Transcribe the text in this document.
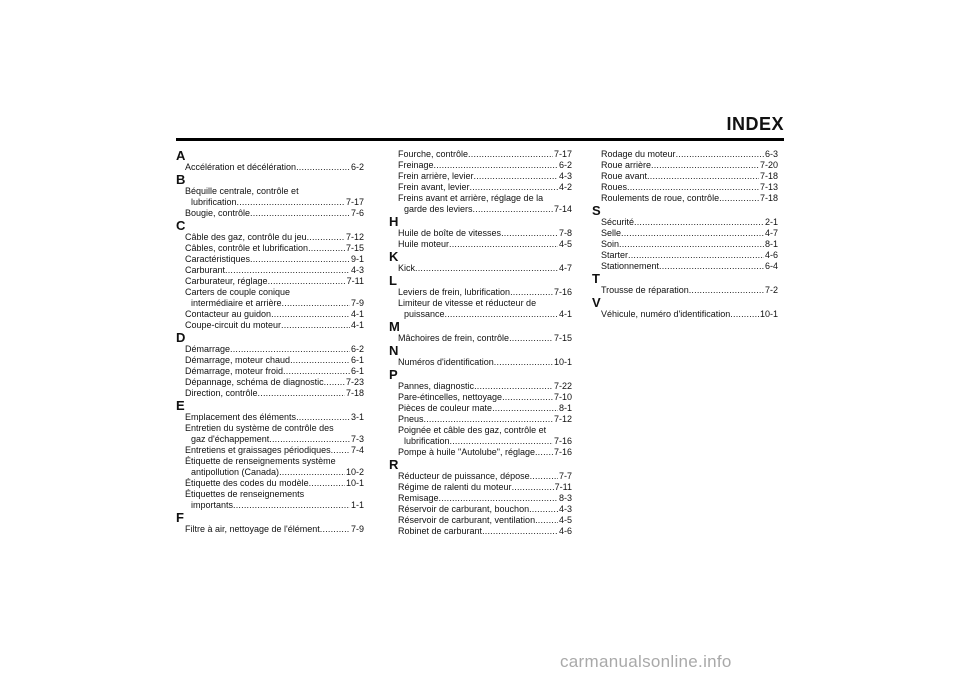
INDEX
A
Accélération et décélération .....	6-2
B
Béquille centrale, contrôle et
lubrification .....	7-17
Bougie, contrôle .....	7-6
C
Câble des gaz, contrôle du jeu .....	7-12
Câbles, contrôle et lubrification .....	7-15
Caractéristiques .....	9-1
Carburant .....	4-3
Carburateur, réglage .....	7-11
Carters de couple conique
intermédiaire et arrière .....	7-9
Contacteur au guidon .....	4-1
Coupe-circuit du moteur .....	4-1
D
Démarrage .....	6-2
Démarrage, moteur chaud .....	6-1
Démarrage, moteur froid .....	6-1
Dépannage, schéma de diagnostic ..... 7-23
Direction, contrôle .....	7-18
E
Emplacement des éléments .....	3-1
Entretien du système de contrôle des
gaz d'échappement .....	7-3
Entretiens et graissages périodiques ..... 7-4
Étiquette de renseignements système
antipollution (Canada) .....	10-2
Étiquette des codes du modèle .....	10-1
Étiquettes de renseignements
importants .....	1-1
F
Filtre à air, nettoyage de l'élément .....	7-9
Fourche, contrôle .....	7-17
Freinage .....	6-2
Frein arrière, levier .....	4-3
Frein avant, levier .....	4-2
Freins avant et arrière, réglage de la
garde des leviers .....	7-14
H
Huile de boîte de vitesses .....	7-8
Huile moteur .....	4-5
K
Kick .....	4-7
L
Leviers de frein, lubrification .....	7-16
Limiteur de vitesse et réducteur de
puissance .....	4-1
M
Mâchoires de frein, contrôle .....	7-15
N
Numéros d'identification .....	10-1
P
Pannes, diagnostic .....	7-22
Pare-étincelles, nettoyage .....	7-10
Pièces de couleur mate .....	8-1
Pneus .....	7-12
Poignée et câble des gaz, contrôle et
lubrification .....	7-16
Pompe à huile "Autolube", réglage ..... 7-16
R
Réducteur de puissance, dépose .....	7-7
Régime de ralenti du moteur .....	7-11
Remisage .....	8-3
Réservoir de carburant, bouchon .....	4-3
Réservoir de carburant, ventilation .....	4-5
Robinet de carburant .....	4-6
Rodage du moteur .....	6-3
Roue arrière .....	7-20
Roue avant .....	7-18
Roues .....	7-13
Roulements de roue, contrôle .....	7-18
S
Sécurité .....	2-1
Selle .....	4-7
Soin .....	8-1
Starter .....	4-6
Stationnement .....	6-4
T
Trousse de réparation .....	7-2
V
Véhicule, numéro d'identification .....	10-1
carmanualsonline.info
